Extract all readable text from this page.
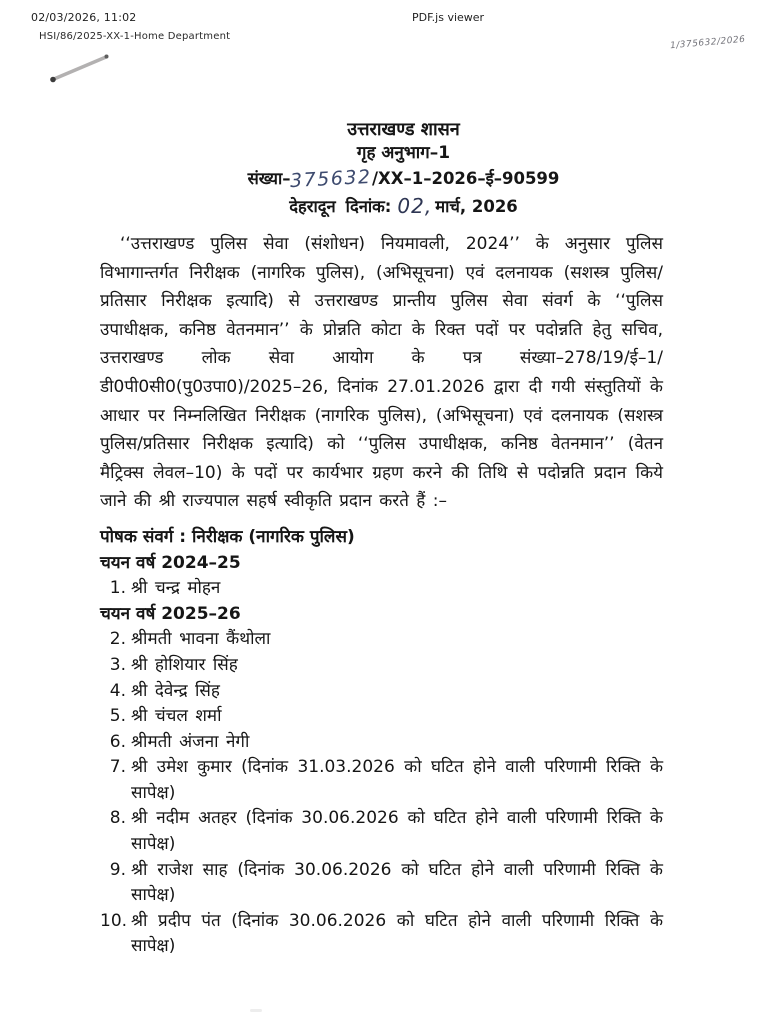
02/03/2026, 11:02	PDF.js viewer
HSI/86/2025-XX-1-Home Department	1/375632/2026
उत्तराखण्ड शासन
गृह अनुभाग–1
संख्या–375632/XX–1–2026–ई–90599
देहरादून दिनांक: 02, मार्च, 2026
‘‘उत्तराखण्ड पुलिस सेवा (संशोधन) नियमावली, 2024’’ के अनुसार पुलिस विभागान्तर्गत निरीक्षक (नागरिक पुलिस), (अभिसूचना) एवं दलनायक (सशस्त्र पुलिस/प्रतिसार निरीक्षक इत्यादि) से उत्तराखण्ड प्रान्तीय पुलिस सेवा संवर्ग के ‘‘पुलिस उपाधीक्षक, कनिष्ठ वेतनमान’’ के प्रोन्नति कोटा के रिक्त पदों पर पदोन्नति हेतु सचिव, उत्तराखण्ड लोक सेवा आयोग के पत्र संख्या–278/19/ई–1/डी0पी0सी0(पु0उपा0)/2025–26, दिनांक 27.01.2026 द्वारा दी गयी संस्तुतियों के आधार पर निम्नलिखित निरीक्षक (नागरिक पुलिस), (अभिसूचना) एवं दलनायक (सशस्त्र पुलिस/प्रतिसार निरीक्षक इत्यादि) को ‘‘पुलिस उपाधीक्षक, कनिष्ठ वेतनमान’’ (वेतन मैट्रिक्स लेवल–10) के पदों पर कार्यभार ग्रहण करने की तिथि से पदोन्नति प्रदान किये जाने की श्री राज्यपाल सहर्ष स्वीकृति प्रदान करते हैं :–
पोषक संवर्ग : निरीक्षक (नागरिक पुलिस)
चयन वर्ष 2024–25
1. श्री चन्द्र मोहन
चयन वर्ष 2025–26
2. श्रीमती भावना कैंथोला
3. श्री होशियार सिंह
4. श्री देवेन्द्र सिंह
5. श्री चंचल शर्मा
6. श्रीमती अंजना नेगी
7. श्री उमेश कुमार (दिनांक 31.03.2026 को घटित होने वाली परिणामी रिक्ति के सापेक्ष)
8. श्री नदीम अतहर (दिनांक 30.06.2026 को घटित होने वाली परिणामी रिक्ति के सापेक्ष)
9. श्री राजेश साह (दिनांक 30.06.2026 को घटित होने वाली परिणामी रिक्ति के सापेक्ष)
10. श्री प्रदीप पंत (दिनांक 30.06.2026 को घटित होने वाली परिणामी रिक्ति के सापेक्ष)
